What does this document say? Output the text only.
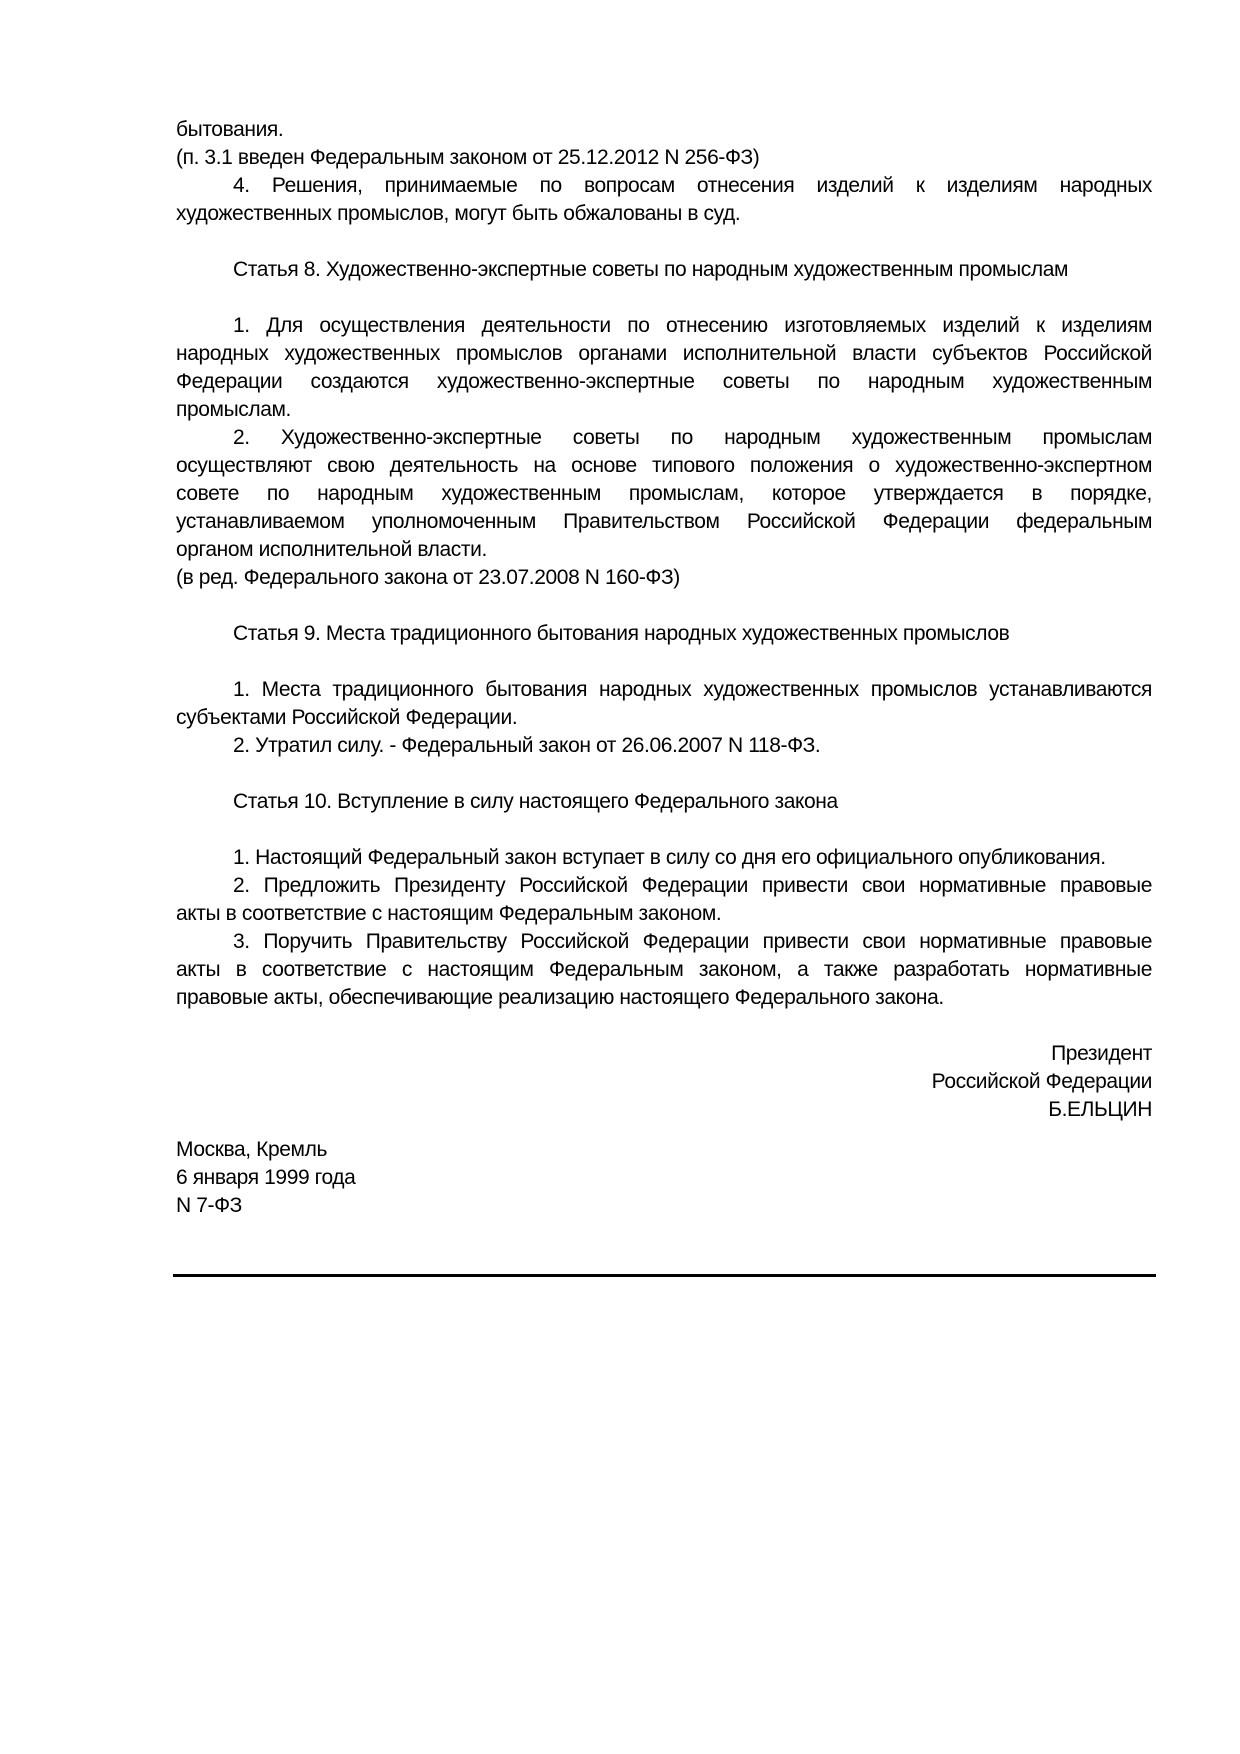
бытования.
(п. 3.1 введен Федеральным законом от 25.12.2012 N 256-ФЗ)
4. Решения, принимаемые по вопросам отнесения изделий к изделиям народных
художественных промыслов, могут быть обжалованы в суд.

Статья 8. Художественно-экспертные советы по народным художественным промыслам

1. Для осуществления деятельности по отнесению изготовляемых изделий к изделиям
народных художественных промыслов органами исполнительной власти субъектов Российской
Федерации создаются художественно-экспертные советы по народным художественным
промыслам.
2. Художественно-экспертные советы по народным художественным промыслам
осуществляют свою деятельность на основе типового положения о художественно-экспертном
совете по народным художественным промыслам, которое утверждается в порядке,
устанавливаемом уполномоченным Правительством Российской Федерации федеральным
органом исполнительной власти.
(в ред. Федерального закона от 23.07.2008 N 160-ФЗ)

Статья 9. Места традиционного бытования народных художественных промыслов

1. Места традиционного бытования народных художественных промыслов устанавливаются
субъектами Российской Федерации.
2. Утратил силу. - Федеральный закон от 26.06.2007 N 118-ФЗ.

Статья 10. Вступление в силу настоящего Федерального закона

1. Настоящий Федеральный закон вступает в силу со дня его официального опубликования.
2. Предложить Президенту Российской Федерации привести свои нормативные правовые
акты в соответствие с настоящим Федеральным законом.
3. Поручить Правительству Российской Федерации привести свои нормативные правовые
акты в соответствие с настоящим Федеральным законом, а также разработать нормативные
правовые акты, обеспечивающие реализацию настоящего Федерального закона.

Президент
Российской Федерации
Б.ЕЛЬЦИН

Москва, Кремль
6 января 1999 года
N 7-ФЗ
